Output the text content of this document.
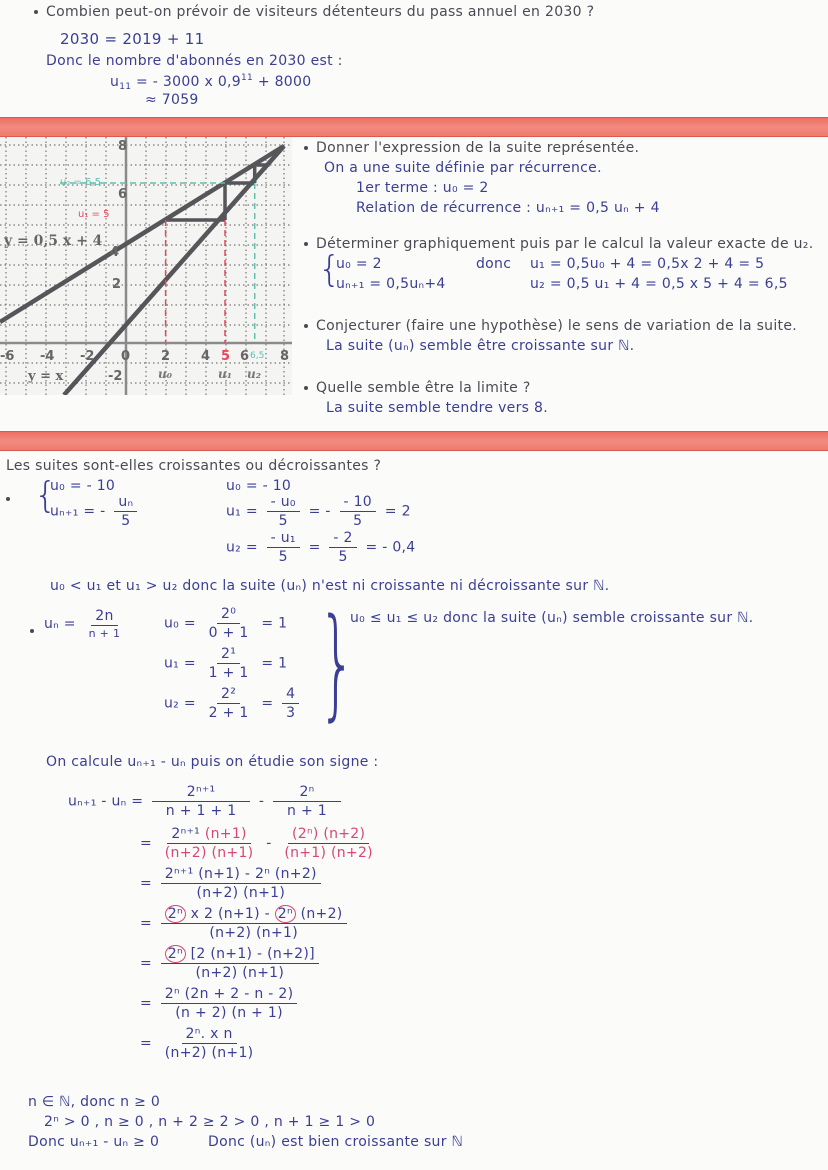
Combien peut-on prévoir de visiteurs détenteurs du pass annuel en 2030 ?
2030 = 2019 + 11
Donc le nombre d'abonnés en 2030 est :
$u_{11}$ = - 3000 x $0,9^{11} + 8000$
≈ 7059
8
6
4
2
-2
-6 -4 -2 0 2 4 5 6 6,5 8
u₀	u₁ u₂
y = 0,5 x + 4
y = x
u₂ = 6,5
u₁ = 5
Donner l'expression de la suite représentée.
On a une suite définie par récurrence.
1er terme : u₀ = 2
Relation de récurrence : uₙ₊₁ = 0,5 uₙ + 4
Déterminer graphiquement puis par le calcul la valeur exacte de u₂.
{
u₀ = 2
uₙ₊₁ = 0,5uₙ+4
donc u₁ = 0,5u₀ + 4 = 0,5x 2 + 4 = 5
u₂ = 0,5 u₁ + 4 = 0,5 x 5 + 4 = 6,5
Conjecturer (faire une hypothèse) le sens de variation de la suite.
La suite (uₙ) semble être croissante sur ℕ.
Quelle semble être la limite ?
La suite semble tendre vers 8.
Les suites sont-elles croissantes ou décroissantes ?
{
u₀ = - 10
uₙ₊₁ = - $\frac{\text{uₙ}}{5}$
u₀ = - 10
$u_1 = \frac{\text{- u₀}}{5}$ = - $\frac{- 10}{5} = 2$
$u_2 = \frac{\text{- u₁}}{5} = \frac{- 2}{5}$ = - 0,4
u₀ < u₁ et u₁ > u₂ donc la suite (uₙ) n'est ni croissante ni décroissante sur ℕ.
$u_n = \frac{2n}{n + 1}$	$u_0 = \frac{\text{2⁰}}{0 + 1} = 1$
$u_1 = \frac{\text{2¹}}{1 + 1} = 1$
$u_2 = \frac{\text{2²}}{2 + 1} = \frac{4}{3}$ }
u₀ ≤ u₁ ≤ u₂ donc la suite (uₙ) semble croissante sur ℕ.
On calcule uₙ₊₁ - uₙ puis on étudie son signe :
$u_{n+1} - u_n = \frac{\text{2ⁿ⁺¹}}{n + 1 + 1} - \frac{\text{2ⁿ}}{n + 1}$
= $\frac{\text{2ⁿ⁺¹ (n+1)}}{(n+2) (n+1)} - \frac{\text{(2ⁿ) (n+2)}}{(n+1) (n+2)}$
= $\frac{\text{2ⁿ⁺¹ (n+1) - 2ⁿ (n+2)}}{(n+2) (n+1)}$
= $\frac{\text{2ⁿ x 2 (n+1) - 2ⁿ (n+2)}}{(n+2) (n+1)}$
= $\frac{\text{2ⁿ [2 (n+1) - (n+2)]}}{(n+2) (n+1)}$
= $\frac{\text{2ⁿ (2n + 2 - n - 2)}}{(n + 2) (n + 1)}$
= $\frac{\text{2ⁿ. x n}}{(n+2) (n+1)}$
n ∈ ℕ, donc n ≥ 0
2ⁿ > 0 , n ≥ 0 , n + 2 ≥ 2 > 0 , n + 1 ≥ 1 > 0
Donc uₙ₊₁ - uₙ ≥ 0	Donc (uₙ) est bien croissante sur ℕ
